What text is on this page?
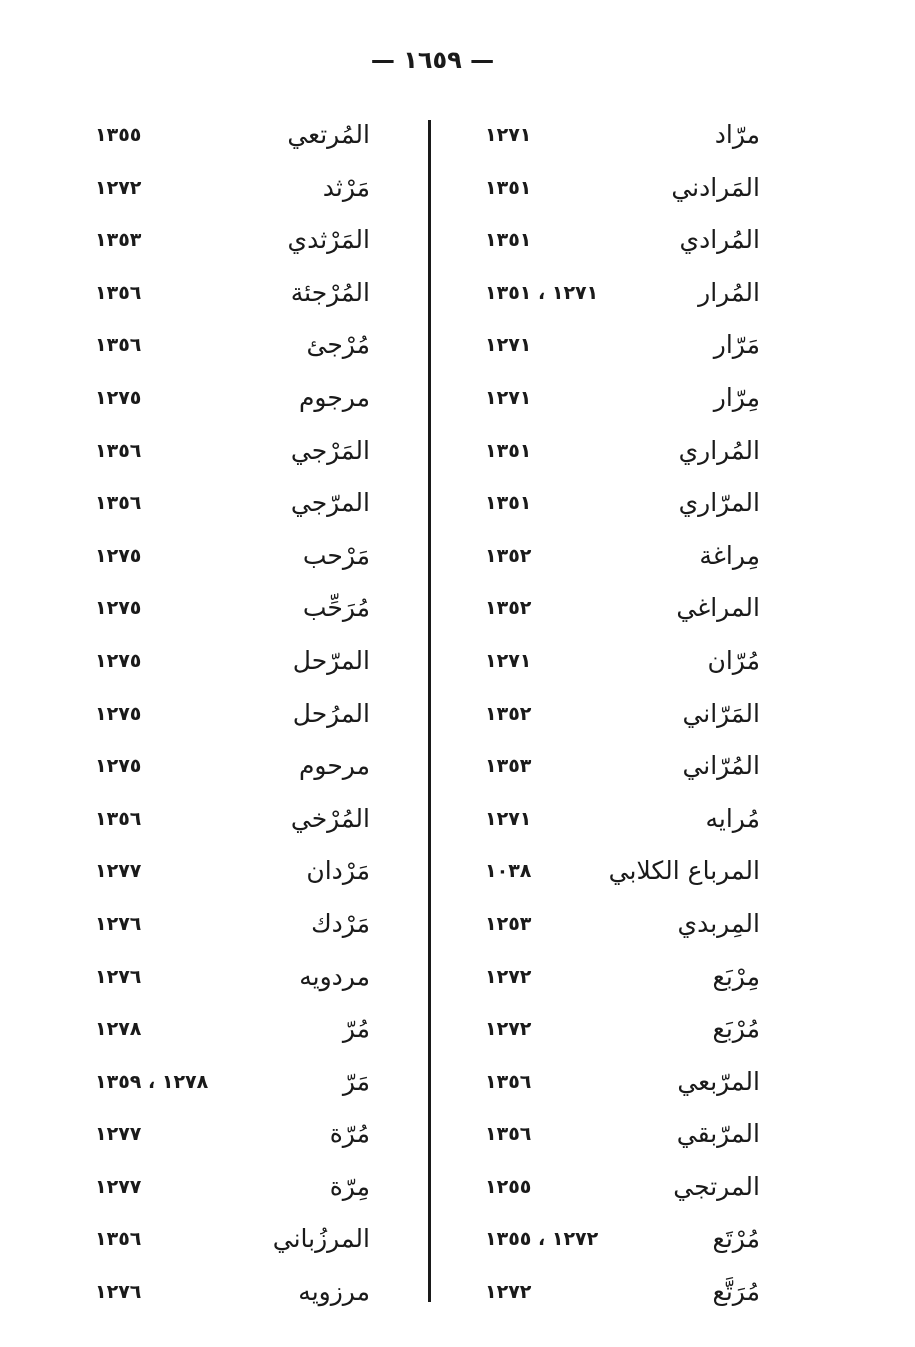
— ١٦٥٩ —
مرّاد
١٢٧١
المَرادني
١٣٥١
المُرادي
١٣٥١
المُرار
١٢٧١ ، ١٣٥١
مَرّار
١٢٧١
مِرّار
١٢٧١
المُراري
١٣٥١
المرّاري
١٣٥١
مِراغة
١٣٥٢
المراغي
١٣٥٢
مُرّان
١٢٧١
المَرّاني
١٣٥٢
المُرّاني
١٣٥٣
مُرايه
١٢٧١
المرباع الكلابي
١٠٣٨
المِربدي
١٢٥٣
مِرْبَع
١٢٧٢
مُرْبَع
١٢٧٢
المرّبعي
١٣٥٦
المرّبقي
١٣٥٦
المرتجي
١٢٥٥
مُرْتَع
١٢٧٢ ، ١٣٥٥
مُرَتَّع
١٢٧٢
المُرتعي
١٣٥٥
مَرْثد
١٢٧٢
المَرْثدي
١٣٥٣
المُرْجئة
١٣٥٦
مُرْجئ
١٣٥٦
مرجوم
١٢٧٥
المَرْجي
١٣٥٦
المرّجي
١٣٥٦
مَرْحب
١٢٧٥
مُرَحِّب
١٢٧٥
المرّحل
١٢٧٥
المرُحل
١٢٧٥
مرحوم
١٢٧٥
المُرْخي
١٣٥٦
مَرْدان
١٢٧٧
مَرْدك
١٢٧٦
مردويه
١٢٧٦
مُرّ
١٢٧٨
مَرّ
١٢٧٨ ، ١٣٥٩
مُرّة
١٢٧٧
مِرّة
١٢٧٧
المرزُباني
١٣٥٦
مرزويه
١٢٧٦
